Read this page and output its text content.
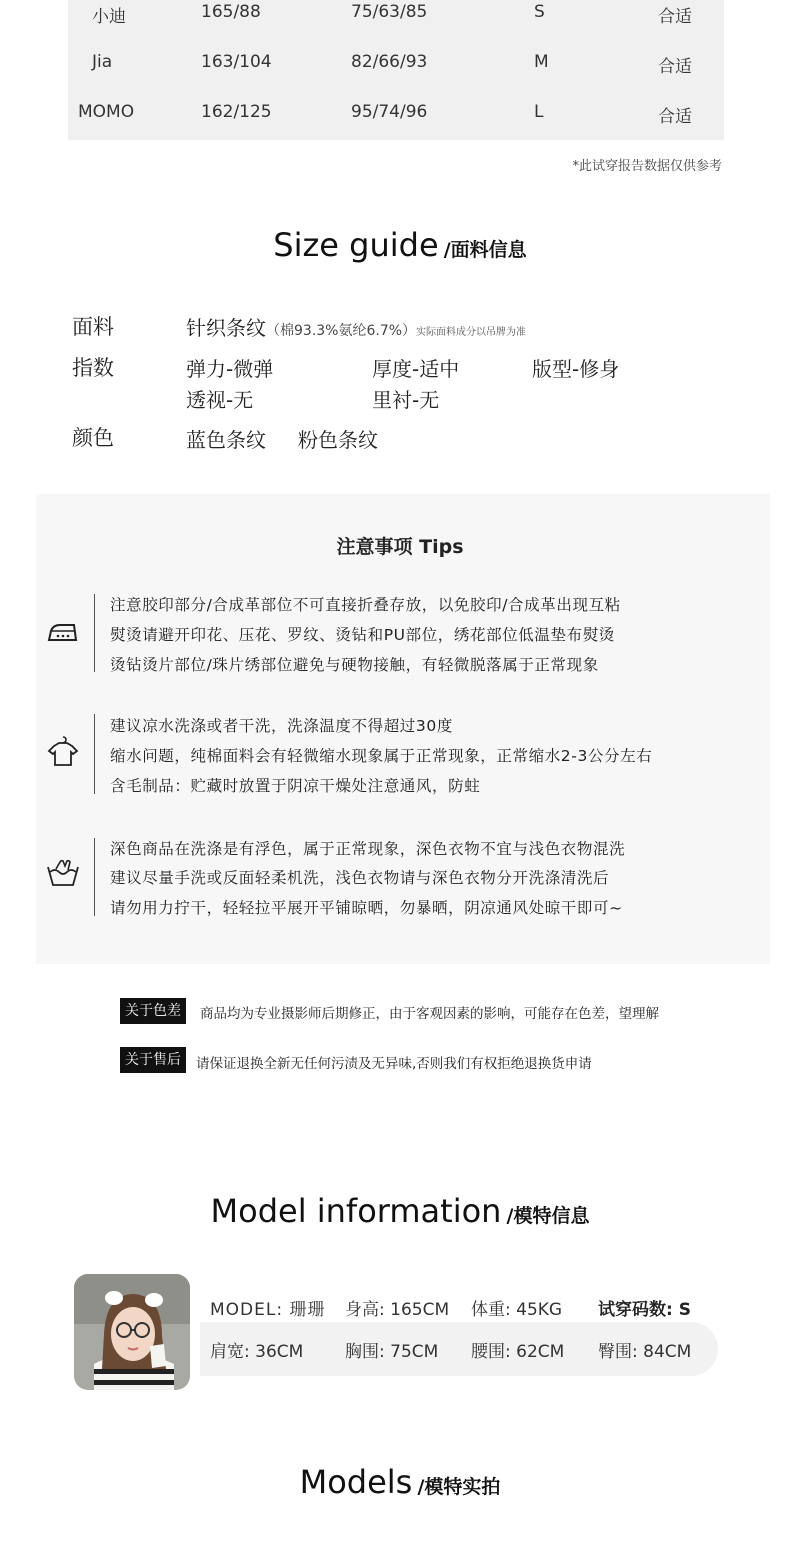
小迪	165/88	75/63/85	S	合适
Jia	163/104	82/66/93	M	合适
MOMO	162/125	95/74/96	L	合适
*此试穿报告数据仅供参考
Size guide /面料信息
面料	针织条纹（棉93.3%氨纶6.7%）实际面料成分以吊牌为准
指数	弹力-微弹	厚度-适中	版型-修身
透视-无	里衬-无
颜色	蓝色条纹 粉色条纹
注意事项 Tips
注意胶印部分/合成革部位不可直接折叠存放，以免胶印/合成革出现互粘
熨烫请避开印花、压花、罗纹、烫钻和PU部位，绣花部位低温垫布熨烫
烫钻烫片部位/珠片绣部位避免与硬物接触，有轻微脱落属于正常现象
建议凉水洗涤或者干洗，洗涤温度不得超过30度
缩水问题，纯棉面料会有轻微缩水现象属于正常现象，正常缩水2-3公分左右
含毛制品：贮藏时放置于阴凉干燥处注意通风，防蛀
深色商品在洗涤是有浮色，属于正常现象，深色衣物不宜与浅色衣物混洗
建议尽量手洗或反面轻柔机洗，浅色衣物请与深色衣物分开洗涤清洗后
请勿用力拧干，轻轻拉平展开平铺晾晒，勿暴晒，阴凉通风处晾干即可~
关于色差	商品均为专业摄影师后期修正，由于客观因素的影响，可能存在色差，望理解
关于售后	请保证退换全新无任何污渍及无异味,否则我们有权拒绝退换货申请
Model information /模特信息
MODEL: 珊珊 身高: 165CM 体重: 45KG 试穿码数: S
肩宽: 36CM 胸围: 75CM 腰围: 62CM 臀围: 84CM
Models /模特实拍
